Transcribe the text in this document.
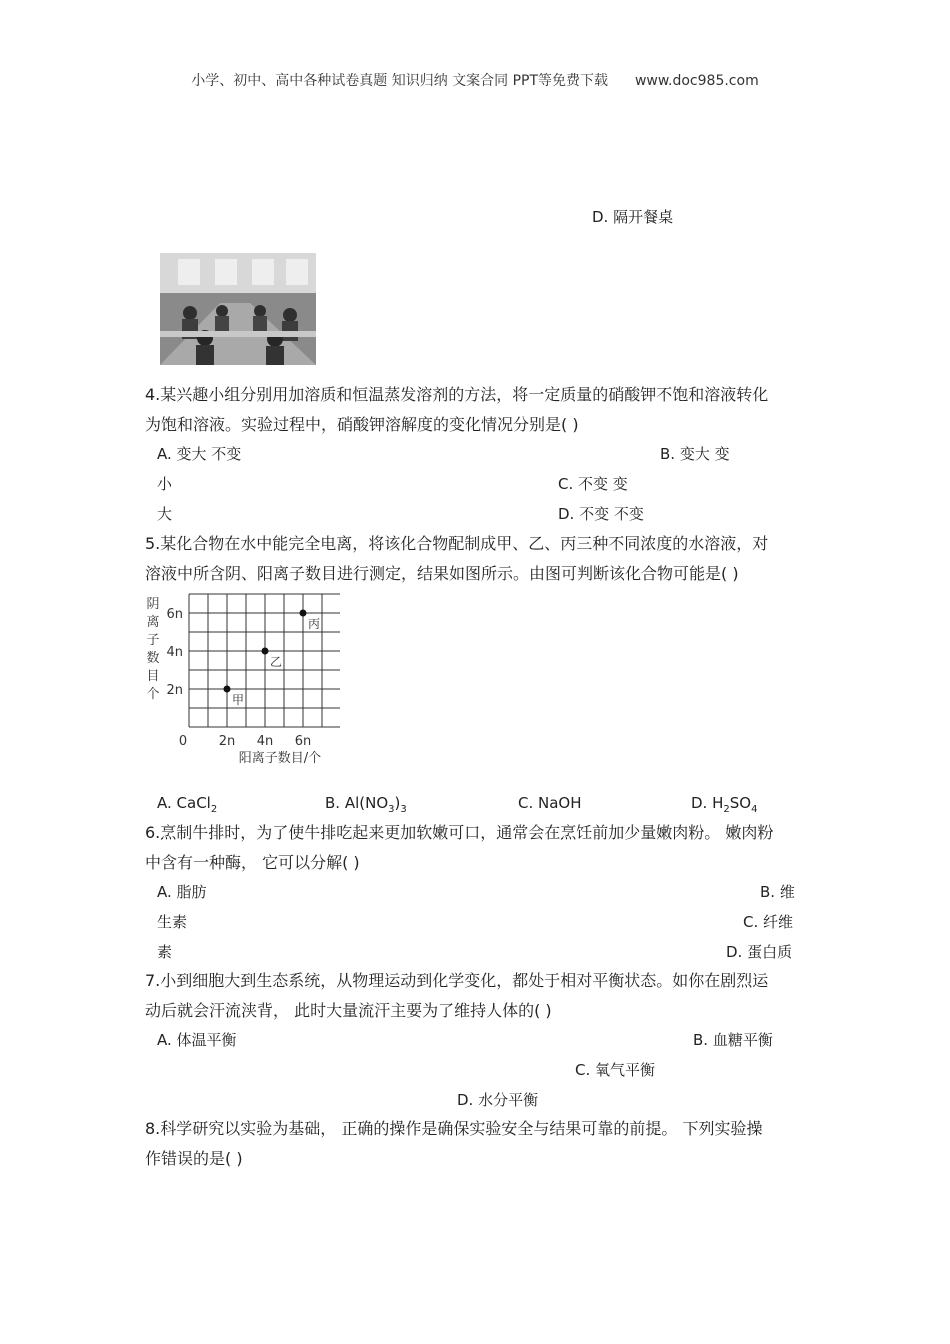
小学、初中、高中各种试卷真题 知识归纳 文案合同 PPT等免费下载 www.doc985.com
D. 隔开餐桌
4.某兴趣小组分别用加溶质和恒温蒸发溶剂的方法，将一定质量的硝酸钾不饱和溶液转化
为饱和溶液。实验过程中，硝酸钾溶解度的变化情况分别是( )
A. 变大 不变	B. 变大 变
小	C. 不变 变
大	D. 不变 不变
5.某化合物在水中能完全电离，将该化合物配制成甲、乙、丙三种不同浓度的水溶液，对
溶液中所含阴、阳离子数目进行测定，结果如图所示。由图可判断该化合物可能是( )
阴
离
子
数
目
个
0 2n 4n 6n
2n
4n
6n
甲
乙
丙
阳离子数目/个
A. CaCl$_2$	B. $Al(NO_3)_3$	C. NaOH	D. $H_2SO_4$
6.烹制牛排时，为了使牛排吃起来更加软嫩可口，通常会在烹饪前加少量嫩肉粉。 嫩肉粉
中含有一种酶， 它可以分解( )
A. 脂肪	B. 维
生素	C. 纤维
素	D. 蛋白质
7.小到细胞大到生态系统，从物理运动到化学变化，都处于相对平衡状态。如你在剧烈运
动后就会汗流浃背， 此时大量流汗主要为了维持人体的( )
A. 体温平衡	B. 血糖平衡
C. 氧气平衡
D. 水分平衡
8.科学研究以实验为基础， 正确的操作是确保实验安全与结果可靠的前提。 下列实验操
作错误的是( )
